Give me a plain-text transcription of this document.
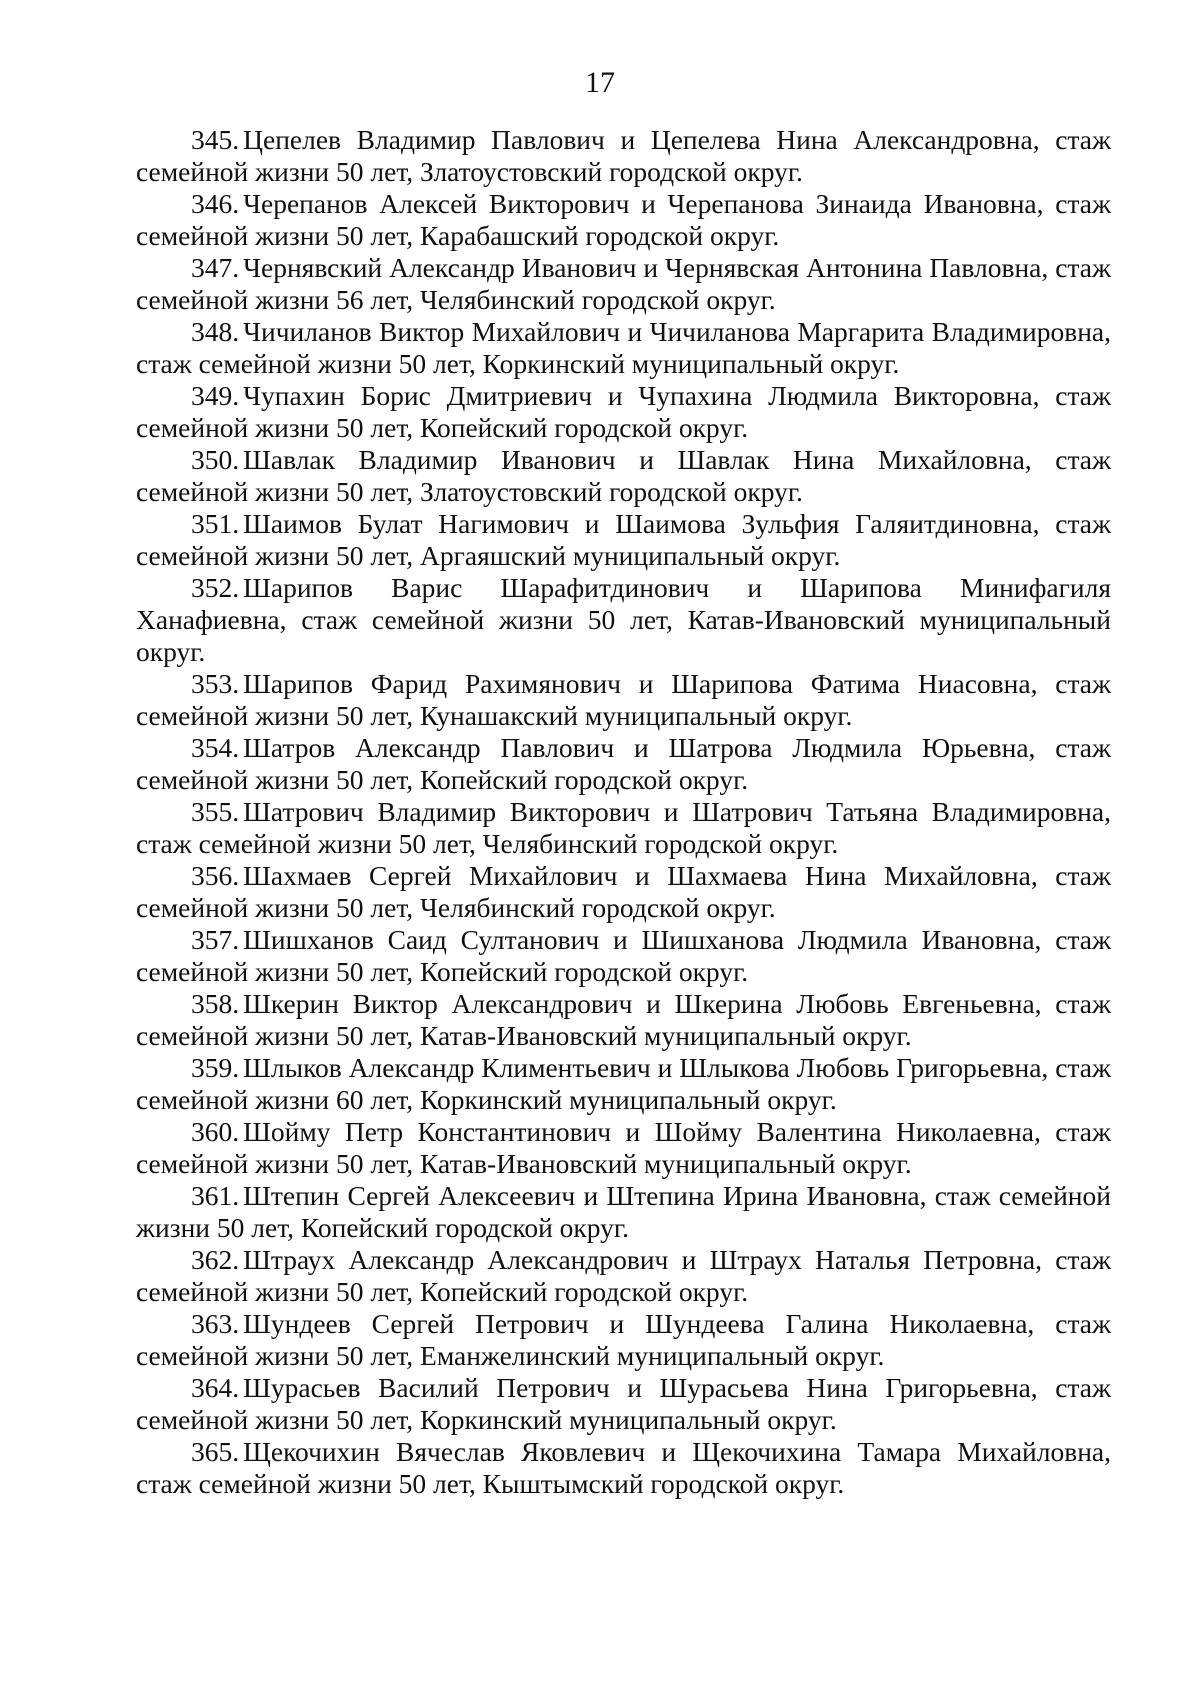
17
345. Цепелев Владимир Павлович и Цепелева Нина Александровна, стаж семейной жизни 50 лет, Златоустовский городской округ.
346. Черепанов Алексей Викторович и Черепанова Зинаида Ивановна, стаж семейной жизни 50 лет, Карабашский городской округ.
347. Чернявский Александр Иванович и Чернявская Антонина Павловна, стаж семейной жизни 56 лет, Челябинский городской округ.
348. Чичиланов Виктор Михайлович и Чичиланова Маргарита Владимировна, стаж семейной жизни 50 лет, Коркинский муниципальный округ.
349. Чупахин Борис Дмитриевич и Чупахина Людмила Викторовна, стаж семейной жизни 50 лет, Копейский городской округ.
350. Шавлак Владимир Иванович и Шавлак Нина Михайловна, стаж семейной жизни 50 лет, Златоустовский городской округ.
351. Шаимов Булат Нагимович и Шаимова Зульфия Галяитдиновна, стаж семейной жизни 50 лет, Аргаяшский муниципальный округ.
352. Шарипов Варис Шарафитдинович и Шарипова Минифагиля Ханафиевна, стаж семейной жизни 50 лет, Катав-Ивановский муниципальный округ.
353. Шарипов Фарид Рахимянович и Шарипова Фатима Ниасовна, стаж семейной жизни 50 лет, Кунашакский муниципальный округ.
354. Шатров Александр Павлович и Шатрова Людмила Юрьевна, стаж семейной жизни 50 лет, Копейский городской округ.
355. Шатрович Владимир Викторович и Шатрович Татьяна Владимировна, стаж семейной жизни 50 лет, Челябинский городской округ.
356. Шахмаев Сергей Михайлович и Шахмаева Нина Михайловна, стаж семейной жизни 50 лет, Челябинский городской округ.
357. Шишханов Саид Султанович и Шишханова Людмила Ивановна, стаж семейной жизни 50 лет, Копейский городской округ.
358. Шкерин Виктор Александрович и Шкерина Любовь Евгеньевна, стаж семейной жизни 50 лет, Катав-Ивановский муниципальный округ.
359. Шлыков Александр Климентьевич и Шлыкова Любовь Григорьевна, стаж семейной жизни 60 лет, Коркинский муниципальный округ.
360. Шойму Петр Константинович и Шойму Валентина Николаевна, стаж семейной жизни 50 лет, Катав-Ивановский муниципальный округ.
361. Штепин Сергей Алексеевич и Штепина Ирина Ивановна, стаж семейной жизни 50 лет, Копейский городской округ.
362. Штраух Александр Александрович и Штраух Наталья Петровна, стаж семейной жизни 50 лет, Копейский городской округ.
363. Шундеев Сергей Петрович и Шундеева Галина Николаевна, стаж семейной жизни 50 лет, Еманжелинский муниципальный округ.
364. Шурасьев Василий Петрович и Шурасьева Нина Григорьевна, стаж семейной жизни 50 лет, Коркинский муниципальный округ.
365. Щекочихин Вячеслав Яковлевич и Щекочихина Тамара Михайловна, стаж семейной жизни 50 лет, Кыштымский городской округ.
